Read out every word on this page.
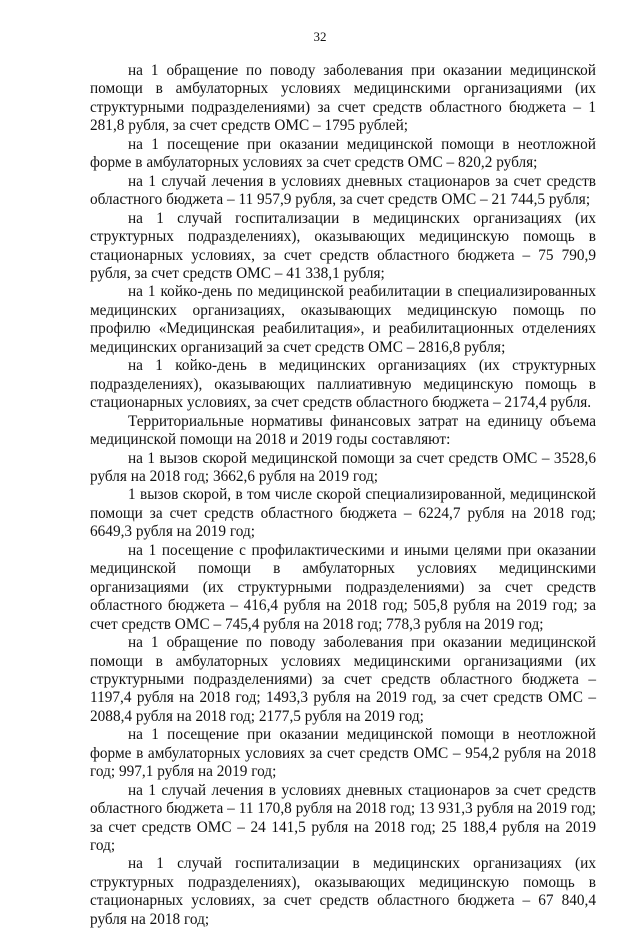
32

на 1 обращение по поводу заболевания при оказании медицинской помощи в амбулаторных условиях медицинскими организациями (их структурными подразделениями) за счет средств областного бюджета – 1 281,8 рубля, за счет средств ОМС – 1795 рублей;

на 1 посещение при оказании медицинской помощи в неотложной форме в амбулаторных условиях за счет средств ОМС – 820,2 рубля;

на 1 случай лечения в условиях дневных стационаров за счет средств областного бюджета – 11 957,9 рубля, за счет средств ОМС – 21 744,5 рубля;

на 1 случай госпитализации в медицинских организациях (их структурных подразделениях), оказывающих медицинскую помощь в стационарных условиях, за счет средств областного бюджета – 75 790,9 рубля, за счет средств ОМС – 41 338,1 рубля;

на 1 койко-день по медицинской реабилитации в специализированных медицинских организациях, оказывающих медицинскую помощь по профилю «Медицинская реабилитация», и реабилитационных отделениях медицинских организаций за счет средств ОМС – 2816,8 рубля;

на 1 койко-день в медицинских организациях (их структурных подразделениях), оказывающих паллиативную медицинскую помощь в стационарных условиях, за счет средств областного бюджета – 2174,4 рубля.

Территориальные нормативы финансовых затрат на единицу объема медицинской помощи на 2018 и 2019 годы составляют:

на 1 вызов скорой медицинской помощи за счет средств ОМС – 3528,6 рубля на 2018 год; 3662,6 рубля на 2019 год;

1 вызов скорой, в том числе скорой специализированной, медицинской помощи за счет средств областного бюджета – 6224,7 рубля на 2018 год; 6649,3 рубля на 2019 год;

на 1 посещение с профилактическими и иными целями при оказании медицинской помощи в амбулаторных условиях медицинскими организациями (их структурными подразделениями) за счет средств областного бюджета – 416,4 рубля на 2018 год; 505,8 рубля на 2019 год; за счет средств ОМС – 745,4 рубля на 2018 год; 778,3 рубля на 2019 год;

на 1 обращение по поводу заболевания при оказании медицинской помощи в амбулаторных условиях медицинскими организациями (их структурными подразделениями) за счет средств областного бюджета – 1197,4 рубля на 2018 год; 1493,3 рубля на 2019 год, за счет средств ОМС – 2088,4 рубля на 2018 год; 2177,5 рубля на 2019 год;

на 1 посещение при оказании медицинской помощи в неотложной форме в амбулаторных условиях за счет средств ОМС – 954,2 рубля на 2018 год; 997,1 рубля на 2019 год;

на 1 случай лечения в условиях дневных стационаров за счет средств областного бюджета – 11 170,8 рубля на 2018 год; 13 931,3 рубля на 2019 год; за счет средств ОМС – 24 141,5 рубля на 2018 год; 25 188,4 рубля на 2019 год;

на 1 случай госпитализации в медицинских организациях (их структурных подразделениях), оказывающих медицинскую помощь в стационарных условиях, за счет средств областного бюджета – 67 840,4 рубля на 2018 год;
